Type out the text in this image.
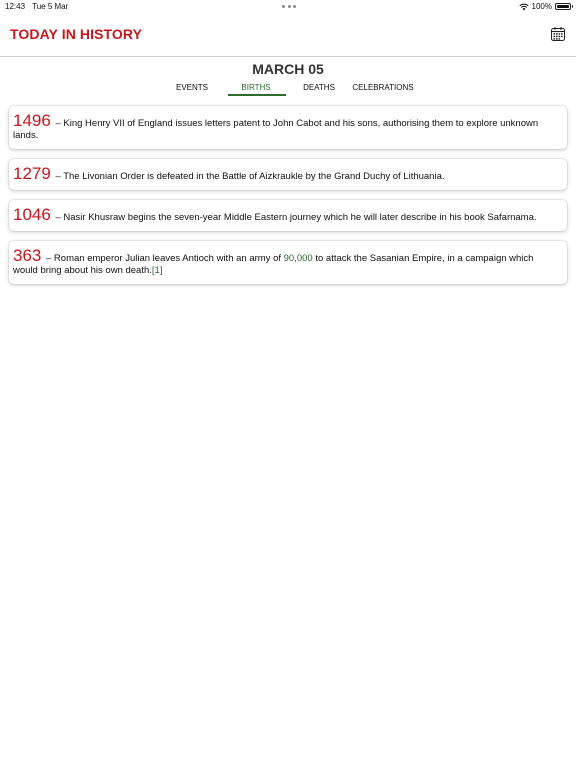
12:43 Tue 5 Mar	100%
TODAY IN HISTORY
MARCH 05
EVENTS	BIRTHS	DEATHS	CELEBRATIONS
1496 – King Henry VII of England issues letters patent to John Cabot and his sons, authorising them to explore unknown lands.
1279 – The Livonian Order is defeated in the Battle of Aizkraukle by the Grand Duchy of Lithuania.
1046 – Nasir Khusraw begins the seven-year Middle Eastern journey which he will later describe in his book Safarnama.
363 – Roman emperor Julian leaves Antioch with an army of 90,000 to attack the Sasanian Empire, in a campaign which would bring about his own death.[1]
